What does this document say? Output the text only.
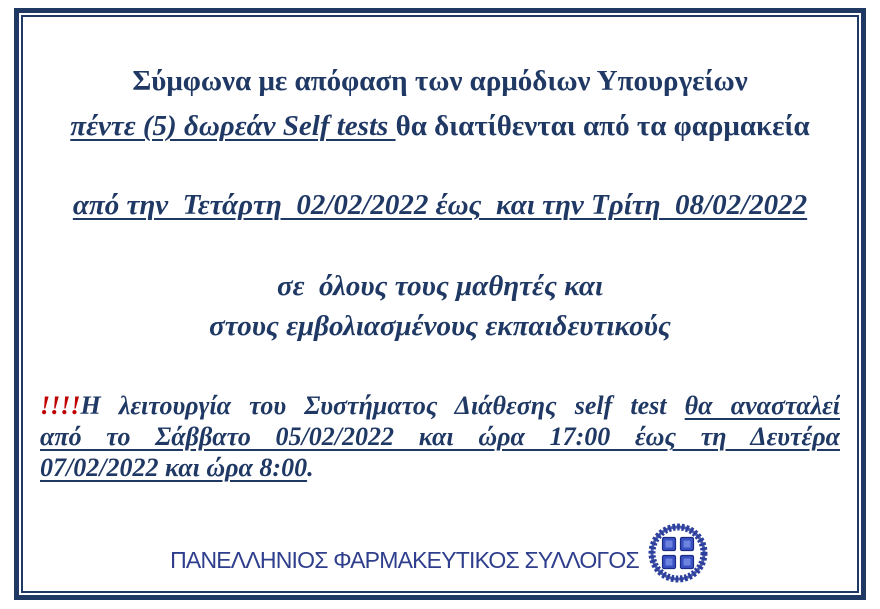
Σύμφωνα με απόφαση των αρμόδιων Υπουργείων
πέντε (5) δωρεάν Self tests θα διατίθενται από τα φαρμακεία
από την  Τετάρτη  02/02/2022 έως  και την Τρίτη  08/02/2022
σε  όλους τους μαθητές και
στους εμβολιασμένους εκπαιδευτικούς
!!!!Η λειτουργία του Συστήματος Διάθεσης self test θα ανασταλεί
από το Σάββατο 05/02/2022 και ώρα 17:00 έως τη Δευτέρα
07/02/2022 και ώρα 8:00.
ΠΑΝΕΛΛΗΝΙΟΣ ΦΑΡΜΑΚΕΥΤΙΚΟΣ ΣΥΛΛΟΓΟΣ
